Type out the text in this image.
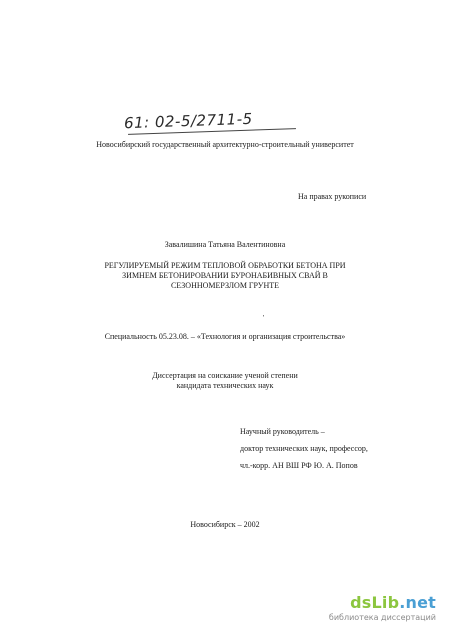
61: 02-5/2711-5
Новосибирский государственный архитектурно-строительный университет
На правах рукописи
Завалишина Татьяна Валентиновна
РЕГУЛИРУЕМЫЙ РЕЖИМ ТЕПЛОВОЙ ОБРАБОТКИ БЕТОНА ПРИ
ЗИМНЕМ БЕТОНИРОВАНИИ БУРОНАБИВНЫХ СВАЙ В
СЕЗОННОМЕРЗЛОМ ГРУНТЕ
'
Специальность 05.23.08. – «Технология и организация строительства»
Диссертация на соискание ученой степени
кандидата технических наук
Научный руководитель –
доктор технических наук, профессор,
чл.-корр. АН ВШ РФ Ю. А. Попов
Новосибирск – 2002
dsLib.net
библиотека диссертаций
